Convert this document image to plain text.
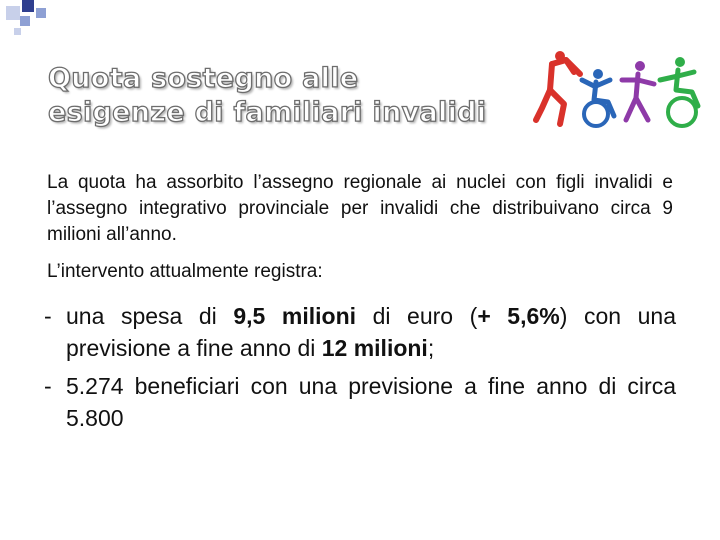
Quota sostegno alle
esigenze di familiari invalidi

La quota ha assorbito l’assegno regionale ai nuclei con figli invalidi e l’assegno integrativo provinciale per invalidi che distribuivano circa 9 milioni all’anno.

L’intervento attualmente registra:

- una spesa di 9,5 milioni di euro (+ 5,6%) con una previsione a fine anno di 12 milioni;
- 5.274 beneficiari con una previsione a fine anno di circa 5.800
